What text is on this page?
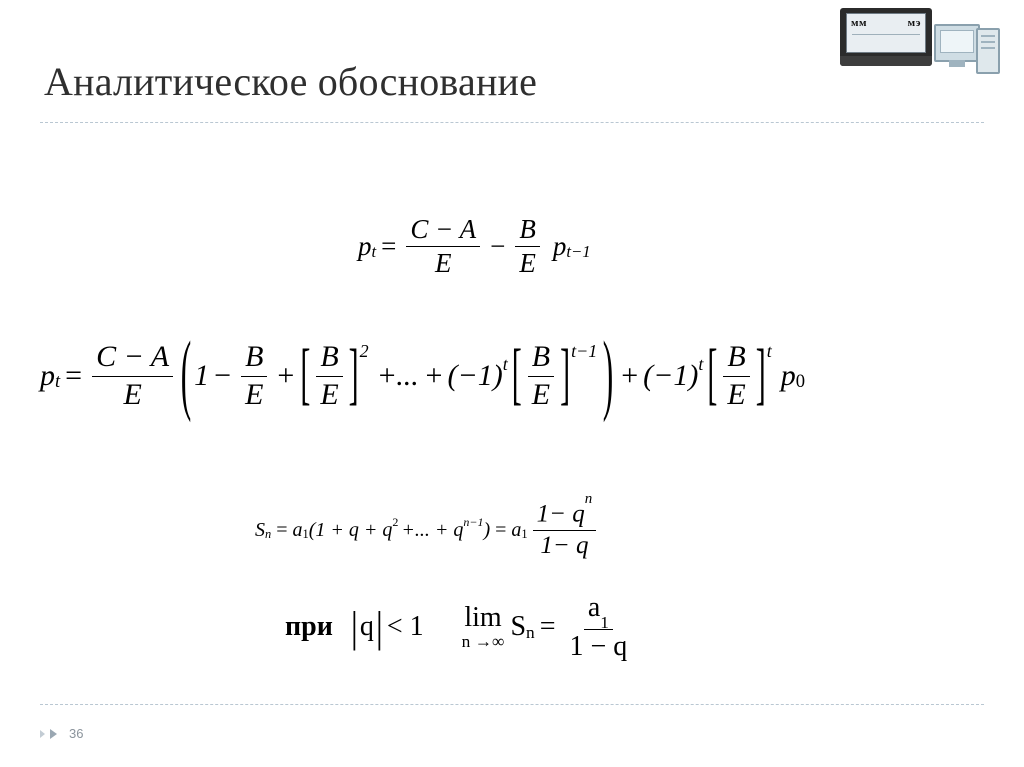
мм	мэ
Аналитическое обоснование
p $t = \frac{C - A}{E} - \frac{B}{E}$ p t−1
p $t = \frac{C - A}{E}$ ( $1 - \frac{B}{E}$ + [ $\frac{B}{E}$ ] 2
+... + (−1) t [ $\frac{B}{E}$ ] t−1 ) + (−1) t [ $\frac{B}{E}$ ] t
p 0
S n = a 1 (1 + q + q 2 +... + q n−1 ) = a $1 \frac{1- q^n}{1- q}$
при | q | < 1 lim
n →∞ S $n = \frac{a_1}{1 - q}$
36
